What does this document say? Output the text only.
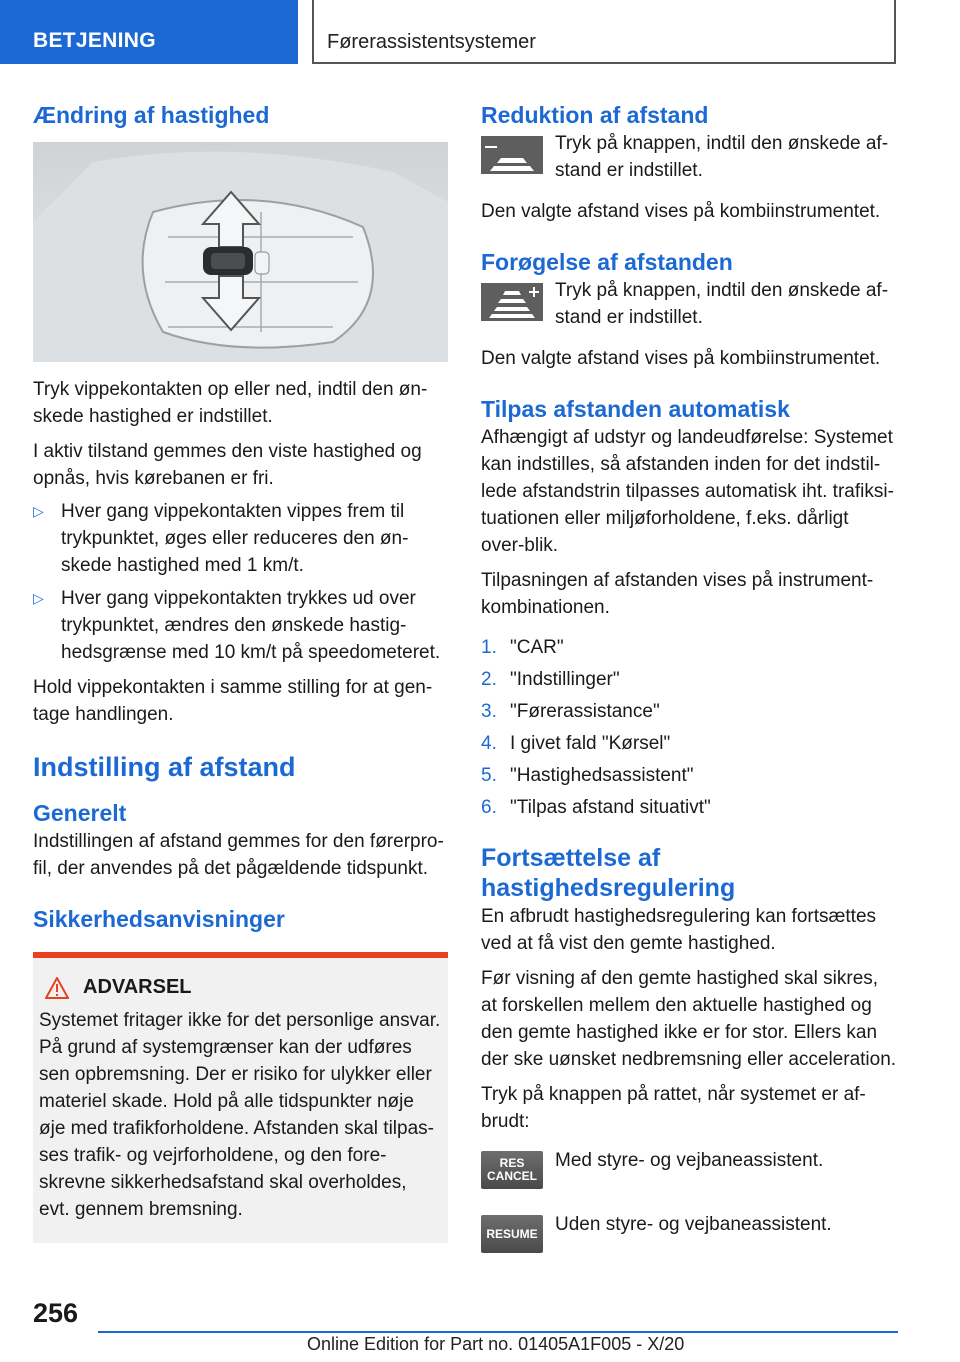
BETJENING	Førerassistentsystemer
Ændring af hastighed

Tryk vippekontakten op eller ned, indtil den øn-skede hastighed er indstillet.

I aktiv tilstand gemmes den viste hastighed og opnås, hvis kørebanen er fri.

▷ Hver gang vippekontakten vippes frem til trykpunktet, øges eller reduceres den øn-skede hastighed med 1 km/t.
▷ Hver gang vippekontakten trykkes ud over trykpunktet, ændres den ønskede hastig-hedsgrænse med 10 km/t på speedometeret.

Hold vippekontakten i samme stilling for at gen-tage handlingen.

Indstilling af afstand
Generelt

Indstillingen af afstand gemmes for den førerpro-fil, der anvendes på det pågældende tidspunkt.

Sikkerhedsanvisninger
ADVARSEL

Systemet fritager ikke for det personlige ansvar. På grund af systemgrænser kan der udføres sen opbremsning. Der er risiko for ulykker eller materiel skade. Hold på alle tidspunkter nøje øje med trafikforholdene. Afstanden skal tilpas-ses trafik- og vejrforholdene, og den fore-skrevne sikkerhedsafstand skal overholdes, evt. gennem bremsning.

Reduktion af afstand

Tryk på knappen, indtil den ønskede af-stand er indstillet.

Den valgte afstand vises på kombiinstrumentet.

Forøgelse af afstanden

Tryk på knappen, indtil den ønskede af-stand er indstillet.

Den valgte afstand vises på kombiinstrumentet.

Tilpas afstanden automatisk

Afhængigt af udstyr og landeudførelse: Systemet kan indstilles, så afstanden inden for det indstil-lede afstandstrin tilpasses automatisk iht. trafiksi-tuationen eller miljøforholdene, f.eks. dårligt over-blik.

Tilpasningen af afstanden vises på instrument-kombinationen.

1. "CAR"
2. "Indstillinger"
3. "Førerassistance"
4. I givet fald "Kørsel"
5. "Hastighedsassistent"
6. "Tilpas afstand situativt"
Fortsættelse af hastighedsregulering

En afbrudt hastighedsregulering kan fortsættes ved at få vist den gemte hastighed.

Før visning af den gemte hastighed skal sikres, at forskellen mellem den aktuelle hastighed og den gemte hastighed ikke er for stor. Ellers kan der ske uønsket nedbremsning eller acceleration.

Tryk på knappen på rattet, når systemet er af-brudt:

RES CANCEL

Med styre- og vejbaneassistent.

RESUME Uden styre- og vejbaneassistent.

256
Online Edition for Part no. 01405A1F005 - X/20
